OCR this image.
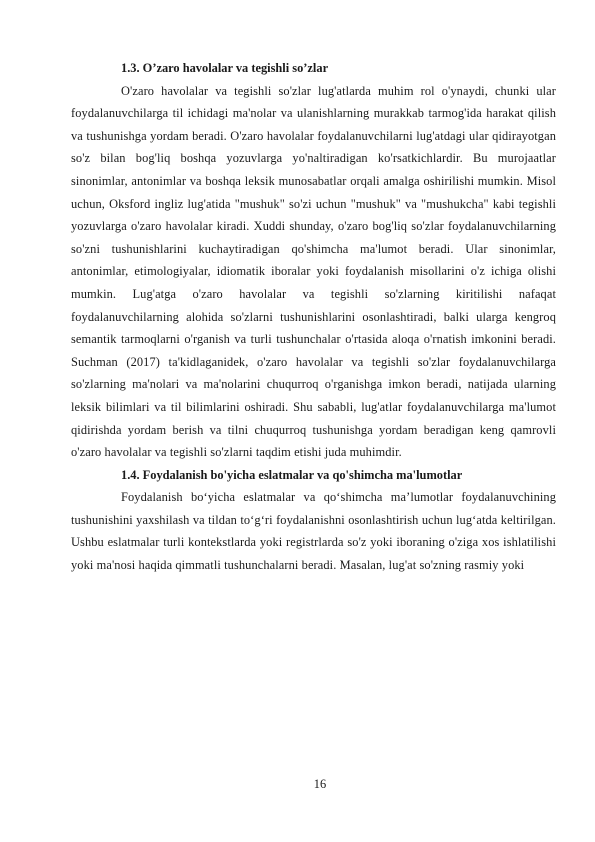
1.3. O’zaro havolalar va tegishli so’zlar

O'zaro havolalar va tegishli so'zlar lug'atlarda muhim rol o'ynaydi, chunki ular foydalanuvchilarga til ichidagi ma'nolar va ulanishlarning murakkab tarmog'ida harakat qilish va tushunishga yordam beradi. O'zaro havolalar foydalanuvchilarni lug'atdagi ular qidirayotgan so'z bilan bog'liq boshqa yozuvlarga yo'naltiradigan ko'rsatkichlardir. Bu murojaatlar sinonimlar, antonimlar va boshqa leksik munosabatlar orqali amalga oshirilishi mumkin. Misol uchun, Oksford ingliz lug'atida "mushuk" so'zi uchun "mushuk" va "mushukcha" kabi tegishli yozuvlarga o'zaro havolalar kiradi. Xuddi shunday, o'zaro bog'liq so'zlar foydalanuvchilarning so'zni tushunishlarini kuchaytiradigan qo'shimcha ma'lumot beradi. Ular sinonimlar, antonimlar, etimologiyalar, idiomatik iboralar yoki foydalanish misollarini o'z ichiga olishi mumkin. Lug'atga o'zaro havolalar va tegishli so'zlarning kiritilishi nafaqat foydalanuvchilarning alohida so'zlarni tushunishlarini osonlashtiradi, balki ularga kengroq semantik tarmoqlarni o'rganish va turli tushunchalar o'rtasida aloqa o'rnatish imkonini beradi. Suchman (2017) ta'kidlaganidek, o'zaro havolalar va tegishli so'zlar foydalanuvchilarga so'zlarning ma'nolari va ma'nolarini chuqurroq o'rganishga imkon beradi, natijada ularning leksik bilimlari va til bilimlarini oshiradi. Shu sababli, lug'atlar foydalanuvchilarga ma'lumot qidirishda yordam berish va tilni chuqurroq tushunishga yordam beradigan keng qamrovli o'zaro havolalar va tegishli so'zlarni taqdim etishi juda muhimdir.

1.4. Foydalanish bo'yicha eslatmalar va qo'shimcha ma'lumotlar

Foydalanish bo‘yicha eslatmalar va qo‘shimcha ma’lumotlar foydalanuvchining tushunishini yaxshilash va tildan to‘g‘ri foydalanishni osonlashtirish uchun lug‘atda keltirilgan. Ushbu eslatmalar turli kontekstlarda yoki registrlarda so'z yoki iboraning o'ziga xos ishlatilishi yoki ma'nosi haqida qimmatli tushunchalarni beradi. Masalan, lug'at so'zning rasmiy yoki

16
